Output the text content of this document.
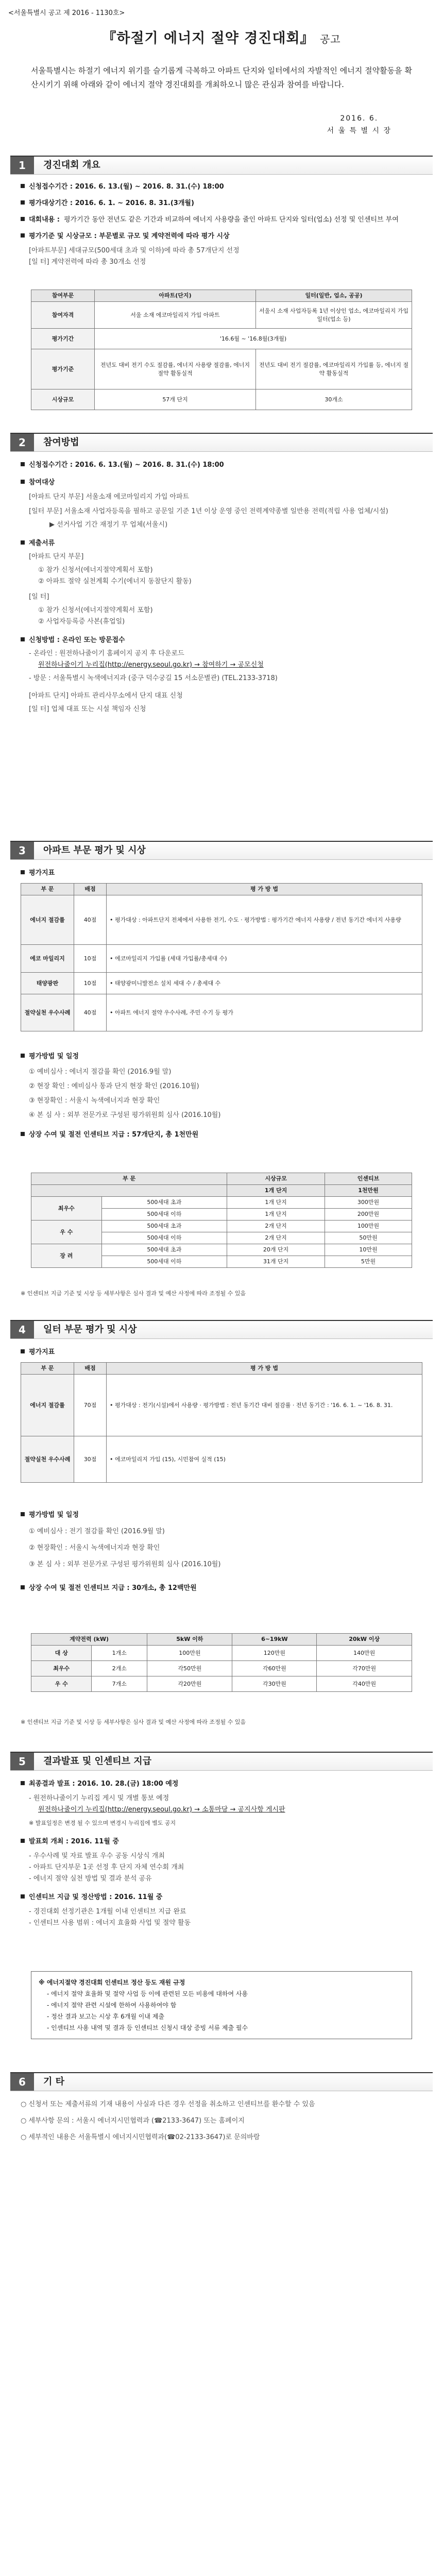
<서울특별시 공고 제 2016 - 1130호>
『하절기 에너지 절약 경진대회』 공고
서울특별시는 하절기 에너지 위기를 슬기롭게 극복하고 아파트 단지와 일터에서의 자발적인 에너지 절약활동을 확산시키기 위해 아래와 같이 에너지 절약 경진대회를 개최하오니 많은 관심과 참여를 바랍니다.
2016. 6.
서 울 특 별 시 장
1	경진대회 개요
신청접수기간 : 2016. 6. 13.(월) ~ 2016. 8. 31.(수) 18:00
평가대상기간 : 2016. 6. 1. ~ 2016. 8. 31.(3개월)
대회내용 : 평가기간 동안 전년도 같은 기간과 비교하여 에너지 사용량을 줄인 아파트 단지와 일터(업소) 선정 및 인센티브 부여
평가기준 및 시상규모 : 부문별로 규모 및 계약전력에 따라 평가 시상
[아파트부문] 세대규모(500세대 초과 및 이하)에 따라 총 57개단지 선정
[일 터] 계약전력에 따라 총 30개소 선정
참여부문	아파트(단지)	일터(일반, 업소, 공공)
참여자격	서울 소재 에코마일리지 가입 아파트	서울시 소재 사업자등록 1년 이상인 업소, 에코마일리지 가입 일터(업소 등)
평가기간	'16.6월 ~ '16.8월(3개월)	
평가기준	전년도 대비 전기 수도 절감률, 에너지 사용량 절감률, 에너지 절약 활동실적	전년도 대비 전기 절감률, 에코마일리지 가입률 등, 에너지 절약 활동실적
시상규모	57개 단지	30개소
2	참여방법
신청접수기간 : 2016. 6. 13.(월) ~ 2016. 8. 31.(수) 18:00
참여대상
[아파트 단지 부문] 서울소재 에코마일리지 가입 아파트
[일터 부문] 서울소재 사업자등록을 필하고 공문일 기준 1년 이상 운영 중인 전력계약종별 일반용 전력(적립 사용 업체/시설)
▶ 선거사업 기간 재정기 무 업체(서울시)
제출서류
[아파트 단지 부문]
① 참가 신청서(에너지절약계획서 포함)
② 아파트 절약 실천계획 수기(에너지 동참단지 활동)
[일 터]
① 참가 신청서(에너지절약계획서 포함)
② 사업자등록증 사본(휴업일)
신청방법 : 온라인 또는 방문접수
- 온라인 : 원전하나줄이기 홈페이지 공지 후 다운로드
원전하나줄이기 누리집(http://energy.seoul.go.kr) → 참여하기 → 공모신청
- 방문 : 서울특별시 녹색에너지과 (중구 덕수궁길 15 서소문별관) (TEL.2133-3718)
[아파트 단지] 아파트 관리사무소에서 단지 대표 신청
[일 터] 업체 대표 또는 시설 책임자 신청
3	아파트 부문 평가 및 시상
평가지표
부 문	배점	평 가 방 법
에너지 절감률	40점	• 평가대상 : 아파트단지 전체에서 사용한 전기, 수도 · 평가방법 : 평가기간 에너지 사용량 / 전년 동기간 에너지 사용량
에코 마일리지	10점	• 에코마일리지 가입률 (세대 가입률/총세대 수)
태양광판	10점	• 태양광미니발전소 설치 세대 수 / 총세대 수
절약실천 우수사례	40점	• 아파트 에너지 절약 우수사례, 주민 수기 등 평가
평가방법 및 일정
① 예비심사 : 에너지 절감률 확인 (2016.9월 말)
② 현장 확인 : 예비심사 통과 단지 현장 확인 (2016.10월)
③ 현장확인 : 서울시 녹색에너지과 현장 확인
④ 본 심 사 : 외부 전문가로 구성된 평가위원회 심사 (2016.10월)
상장 수여 및 절전 인센티브 지급 : 57개단지, 총 1천만원
부 문		시상규모	인센티브
		1개 단지	1천만원
최우수	500세대 초과	1개 단지	300만원
	500세대 이하	1개 단지	200만원
우 수	500세대 초과	2개 단지	100만원
	500세대 이하	2개 단지	50만원
장 려	500세대 초과	20개 단지	10만원
	500세대 이하	31개 단지	5만원
※ 인센티브 지급 기준 및 시상 등 세부사항은 심사 결과 및 예산 사정에 따라 조정될 수 있음
4	일터 부문 평가 및 시상
평가지표
부 문	배점	평 가 방 법
에너지 절감률	70점	• 평가대상 : 전기(시설)에서 사용량 · 평가방법 : 전년 동기간 대비 절감률 · 전년 동기간 : '16. 6. 1. ~ '16. 8. 31.
절약실천 우수사례	30점	• 에코마일리지 가입 (15), 시민참여 실적 (15)
평가방법 및 일정
① 예비심사 : 전기 절감률 확인 (2016.9월 말)
② 현장확인 : 서울시 녹색에너지과 현장 확인
③ 본 심 사 : 외부 전문가로 구성된 평가위원회 심사 (2016.10월)
상장 수여 및 절전 인센티브 지급 : 30개소, 총 12백만원
계약전력 (kW)		5kW 이하	6~19kW	20kW 이상
대 상	1개소	100만원	120만원	140만원
최우수	2개소	각50만원	각60만원	각70만원
우 수	7개소	각20만원	각30만원	각40만원
※ 인센티브 지급 기준 및 시상 등 세부사항은 심사 결과 및 예산 사정에 따라 조정될 수 있음
5	결과발표 및 인센티브 지급
최종결과 발표 : 2016. 10. 28.(금) 18:00 예정
- 원전하나줄이기 누리집 게시 및 개별 통보 예정
원전하나줄이기 누리집(http://energy.seoul.go.kr) → 소통마당 → 공지사항 게시판
※ 발표일정은 변경 될 수 있으며 변경시 누리집에 별도 공지
발표회 개최 : 2016. 11월 중
- 우수사례 및 자료 발표 우수 공동 시상식 개최
- 아파트 단지부문 1곳 선정 후 단지 자체 연수회 개최
- 에너지 절약 실천 방법 및 결과 분석 공유
인센티브 지급 및 정산방법 : 2016. 11월 중
- 경진대회 선정기관은 1개월 이내 인센티브 지급 완료
- 인센티브 사용 범위 : 에너지 효율화 사업 및 절약 활동
※ 에너지절약 경진대회 인센티브 정산 등도 재원 규정
- 에너지 절약 효율화 및 절약 사업 등 이에 관련된 모든 비용에 대하여 사용
- 에너지 절약 관련 시설에 한하여 사용하여야 함
- 정산 결과 보고는 시상 후 6개월 이내 제출
- 인센티브 사용 내역 및 결과 등 인센티브 신청시 대상 증빙 서류 제출 필수
6	기 타
○ 신청서 또는 제출서류의 기재 내용이 사실과 다른 경우 선정을 취소하고 인센티브를 환수할 수 있음
○ 세부사항 문의 : 서울시 에너지시민협력과 (☎2133-3647) 또는 홈페이지
○ 세부적인 내용은 서울특별시 에너지시민협력과(☎02-2133-3647)로 문의바람
